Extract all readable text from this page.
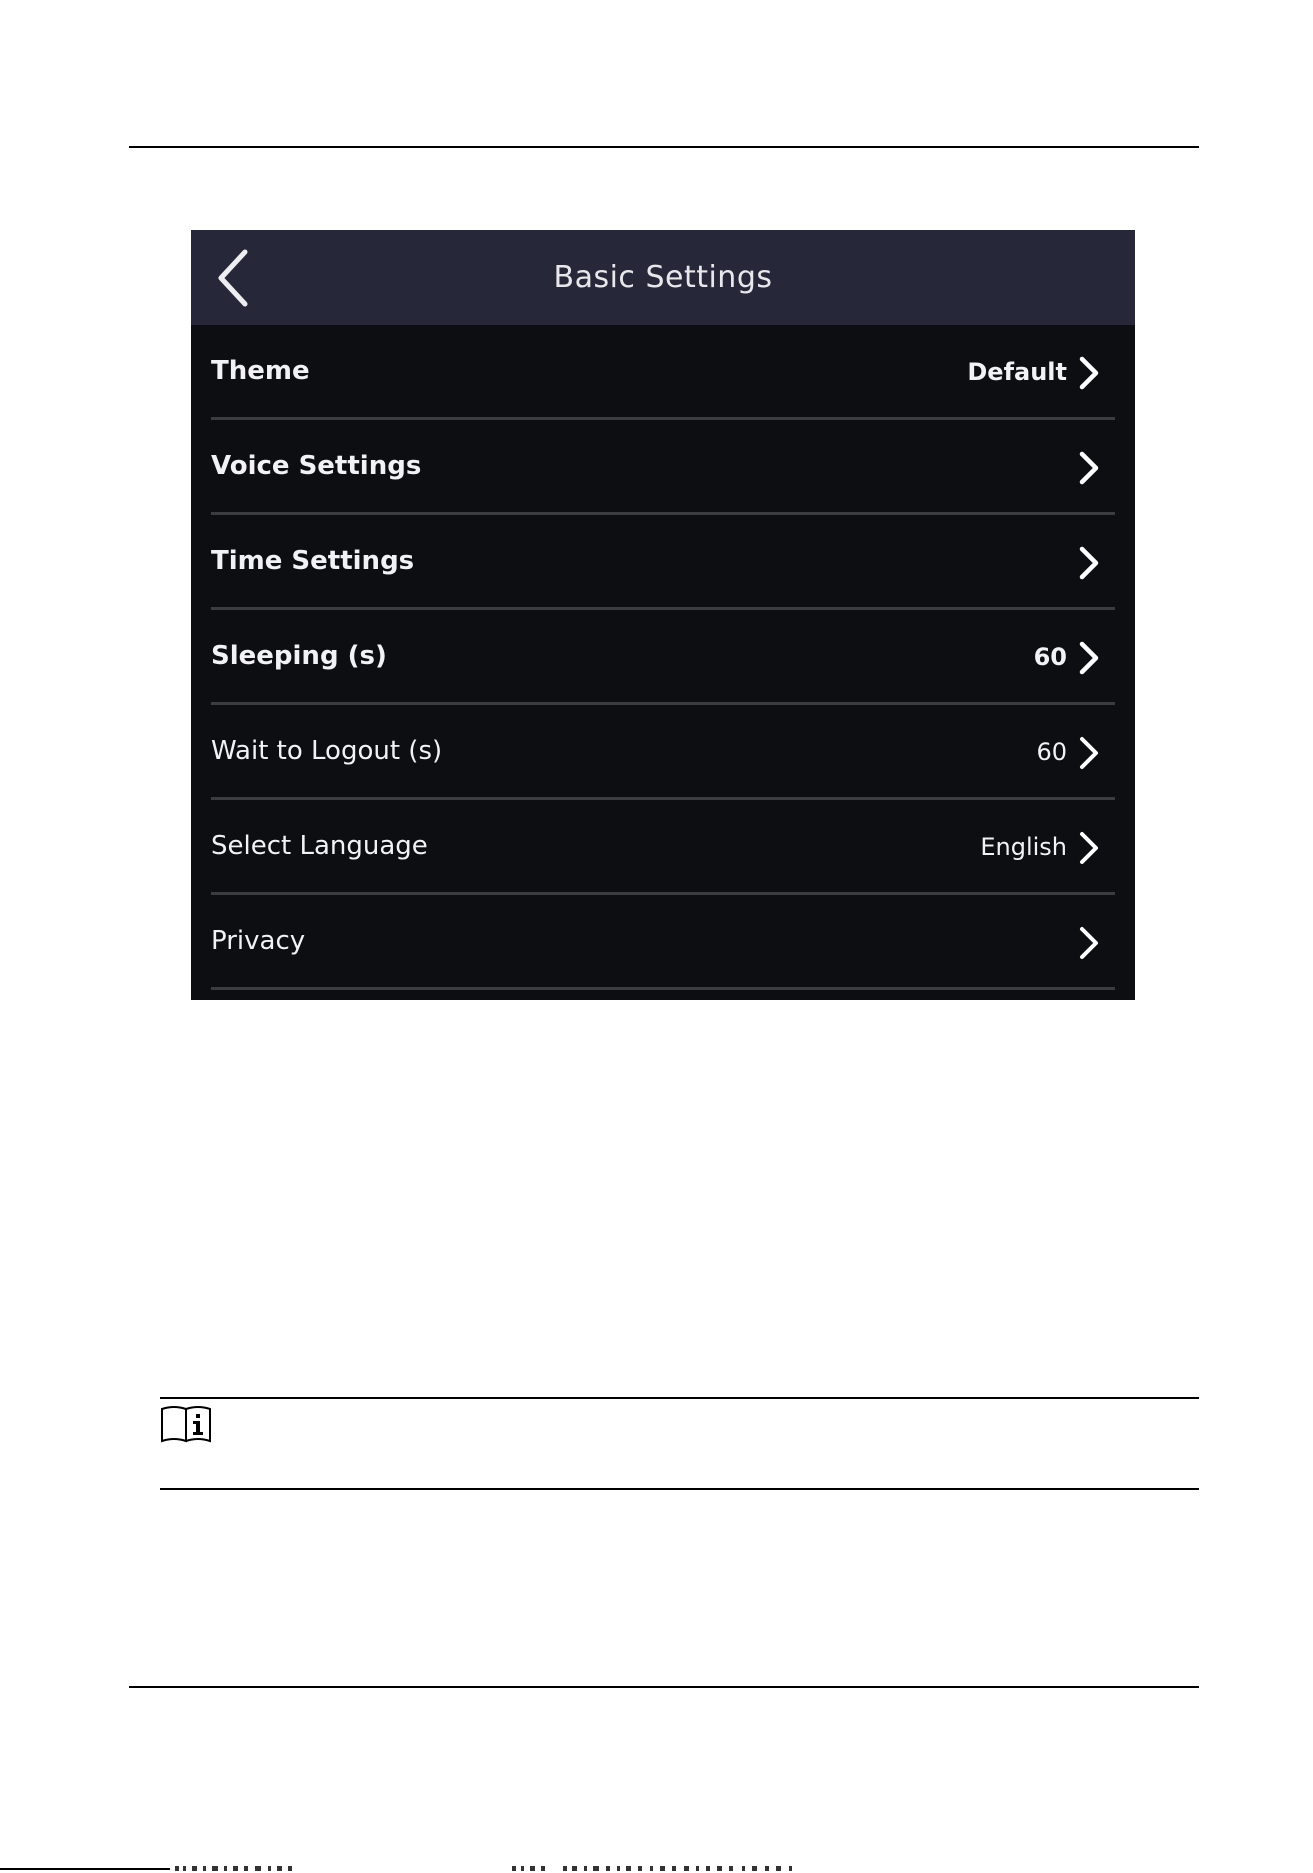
Basic Settings
Theme	Default
Voice Settings
Time Settings
Sleeping (s)	60
Wait to Logout (s)	60
Select Language	English
Privacy
